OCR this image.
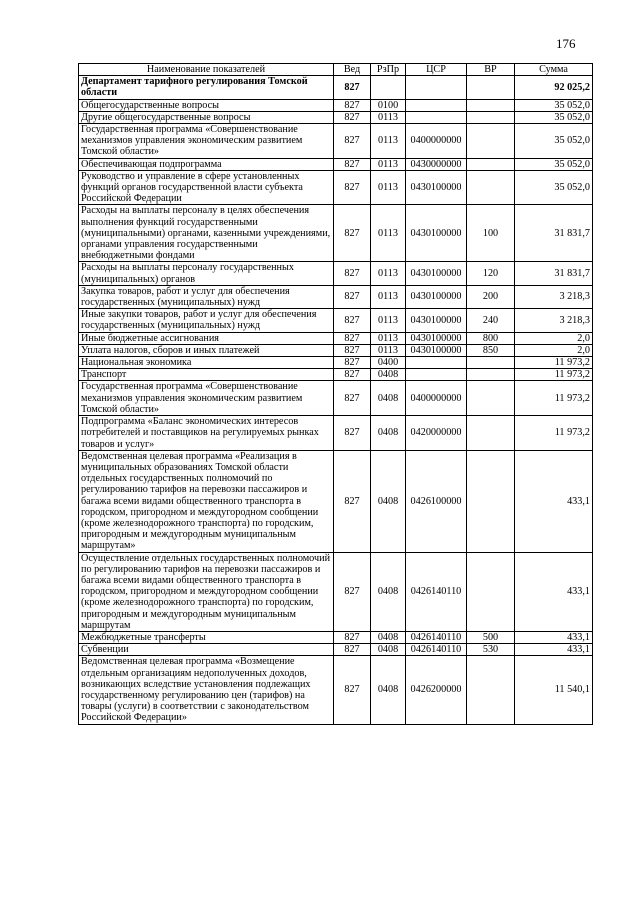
176
Наименование показателей	Вед	РзПр	ЦСР	ВР	Сумма
Департамент тарифного регулирования Томской области	827				92 025,2
Общегосударственные вопросы	827	0100			35 052,0
Другие общегосударственные вопросы	827	0113			35 052,0
Государственная программа «Совершенствование механизмов управления экономическим развитием Томской области»	827	0113	0400000000		35 052,0
Обеспечивающая подпрограмма	827	0113	0430000000		35 052,0
Руководство и управление в сфере установленных функций органов государственной власти субъекта Российской Федерации	827	0113	0430100000		35 052,0
Расходы на выплаты персоналу в целях обеспечения выполнения функций государственными (муниципальными) органами, казенными учреждениями, органами управления государственными внебюджетными фондами	827	0113	0430100000	100	31 831,7
Расходы на выплаты персоналу государственных (муниципальных) органов	827	0113	0430100000	120	31 831,7
Закупка товаров, работ и услуг для обеспечения государственных (муниципальных) нужд	827	0113	0430100000	200	3 218,3
Иные закупки товаров, работ и услуг для обеспечения государственных (муниципальных) нужд	827	0113	0430100000	240	3 218,3
Иные бюджетные ассигнования	827	0113	0430100000	800	2,0
Уплата налогов, сборов и иных платежей	827	0113	0430100000	850	2,0
Национальная экономика	827	0400			11 973,2
Транспорт	827	0408			11 973,2
Государственная программа «Совершенствование механизмов управления экономическим развитием Томской области»	827	0408	0400000000		11 973,2
Подпрограмма «Баланс экономических интересов потребителей и поставщиков на регулируемых рынках товаров и услуг»	827	0408	0420000000		11 973,2
Ведомственная целевая программа «Реализация в муниципальных образованиях Томской области отдельных государственных полномочий по регулированию тарифов на перевозки пассажиров и багажа всеми видами общественного транспорта в городском, пригородном и междугородном сообщении (кроме железнодорожного транспорта) по городским, пригородным и междугородным муниципальным маршрутам»	827	0408	0426100000		433,1
Осуществление отдельных государственных полномочий по регулированию тарифов на перевозки пассажиров и багажа всеми видами общественного транспорта в городском, пригородном и междугородном сообщении (кроме железнодорожного транспорта) по городским, пригородным и междугородным муниципальным маршрутам	827	0408	0426140110		433,1
Межбюджетные трансферты	827	0408	0426140110	500	433,1
Субвенции	827	0408	0426140110	530	433,1
Ведомственная целевая программа «Возмещение отдельным организациям недополученных доходов, возникающих вследствие установления подлежащих государственному регулированию цен (тарифов) на товары (услуги) в соответствии с законодательством Российской Федерации»	827	0408	0426200000		11 540,1
